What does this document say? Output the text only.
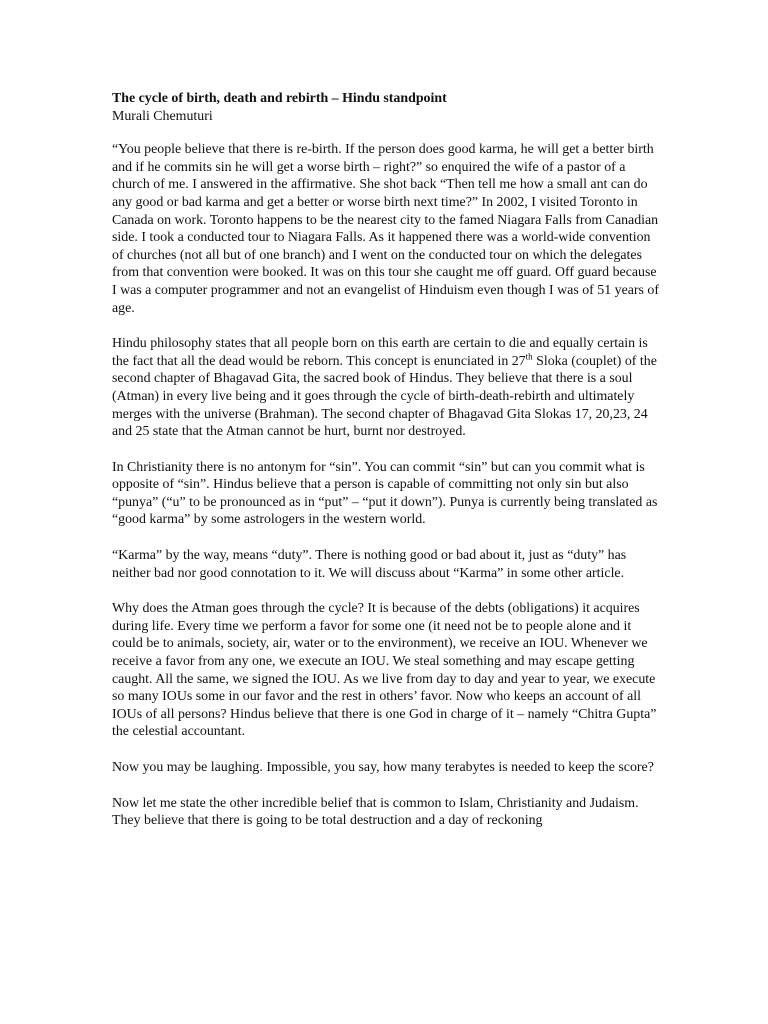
The cycle of birth, death and rebirth – Hindu standpoint

Murali Chemuturi

“You people believe that there is re-birth. If the person does good karma, he will get a better birth and if he commits sin he will get a worse birth – right?” so enquired the wife of a pastor of a church of me. I answered in the affirmative. She shot back “Then tell me how a small ant can do any good or bad karma and get a better or worse birth next time?” In 2002, I visited Toronto in Canada on work. Toronto happens to be the nearest city to the famed Niagara Falls from Canadian side. I took a conducted tour to Niagara Falls. As it happened there was a world-wide convention of churches (not all but of one branch) and I went on the conducted tour on which the delegates from that convention were booked. It was on this tour she caught me off guard. Off guard because I was a computer programmer and not an evangelist of Hinduism even though I was of 51 years of age.

Hindu philosophy states that all people born on this earth are certain to die and equally certain is the fact that all the dead would be reborn. This concept is enunciated in 27th Sloka (couplet) of the second chapter of Bhagavad Gita, the sacred book of Hindus. They believe that there is a soul (Atman) in every live being and it goes through the cycle of birth-death-rebirth and ultimately merges with the universe (Brahman). The second chapter of Bhagavad Gita Slokas 17, 20,23, 24 and 25 state that the Atman cannot be hurt, burnt nor destroyed.

In Christianity there is no antonym for “sin”. You can commit “sin” but can you commit what is opposite of “sin”. Hindus believe that a person is capable of committing not only sin but also “punya” (“u” to be pronounced as in “put” – “put it down”). Punya is currently being translated as “good karma” by some astrologers in the western world.

“Karma” by the way, means “duty”. There is nothing good or bad about it, just as “duty” has neither bad nor good connotation to it. We will discuss about “Karma” in some other article.

Why does the Atman goes through the cycle? It is because of the debts (obligations) it acquires during life. Every time we perform a favor for some one (it need not be to people alone and it could be to animals, society, air, water or to the environment), we receive an IOU. Whenever we receive a favor from any one, we execute an IOU. We steal something and may escape getting caught. All the same, we signed the IOU. As we live from day to day and year to year, we execute so many IOUs some in our favor and the rest in others’ favor. Now who keeps an account of all IOUs of all persons? Hindus believe that there is one God in charge of it – namely “Chitra Gupta” the celestial accountant.

Now you may be laughing. Impossible, you say, how many terabytes is needed to keep the score?

Now let me state the other incredible belief that is common to Islam, Christianity and Judaism. They believe that there is going to be total destruction and a day of reckoning
